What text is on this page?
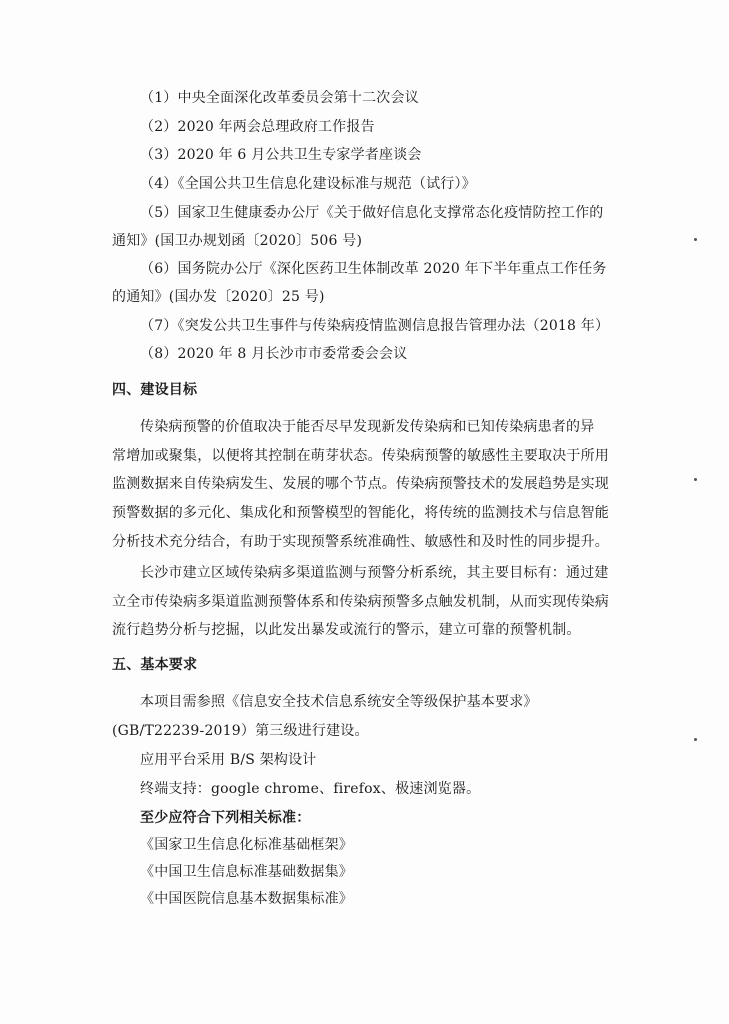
（1）中央全面深化改革委员会第十二次会议

（2）2020 年两会总理政府工作报告

（3）2020 年 6 月公共卫生专家学者座谈会

（4）《全国公共卫生信息化建设标准与规范（试行）》

（5）国家卫生健康委办公厅《关于做好信息化支撑常态化疫情防控工作的

通知》(国卫办规划函〔2020〕506 号)

（6）国务院办公厅《深化医药卫生体制改革 2020 年下半年重点工作任务

的通知》(国办发〔2020〕25 号)

（7）《突发公共卫生事件与传染病疫情监测信息报告管理办法（2018 年）

（8）2020 年 8 月长沙市市委常委会会议

四、建设目标

传染病预警的价值取决于能否尽早发现新发传染病和已知传染病患者的异

常增加或聚集，以便将其控制在萌芽状态。传染病预警的敏感性主要取决于所用

监测数据来自传染病发生、发展的哪个节点。传染病预警技术的发展趋势是实现

预警数据的多元化、集成化和预警模型的智能化，将传统的监测技术与信息智能

分析技术充分结合，有助于实现预警系统准确性、敏感性和及时性的同步提升。

长沙市建立区域传染病多渠道监测与预警分析系统，其主要目标有：通过建

立全市传染病多渠道监测预警体系和传染病预警多点触发机制，从而实现传染病

流行趋势分析与挖掘，以此发出暴发或流行的警示，建立可靠的预警机制。

五、基本要求

本项目需参照《信息安全技术信息系统安全等级保护基本要求》

(GB/T22239-2019）第三级进行建设。

应用平台采用 B/S 架构设计

终端支持：google chrome、firefox、极速浏览器。

至少应符合下列相关标准：

《国家卫生信息化标准基础框架》

《中国卫生信息标准基础数据集》

《中国医院信息基本数据集标准》
